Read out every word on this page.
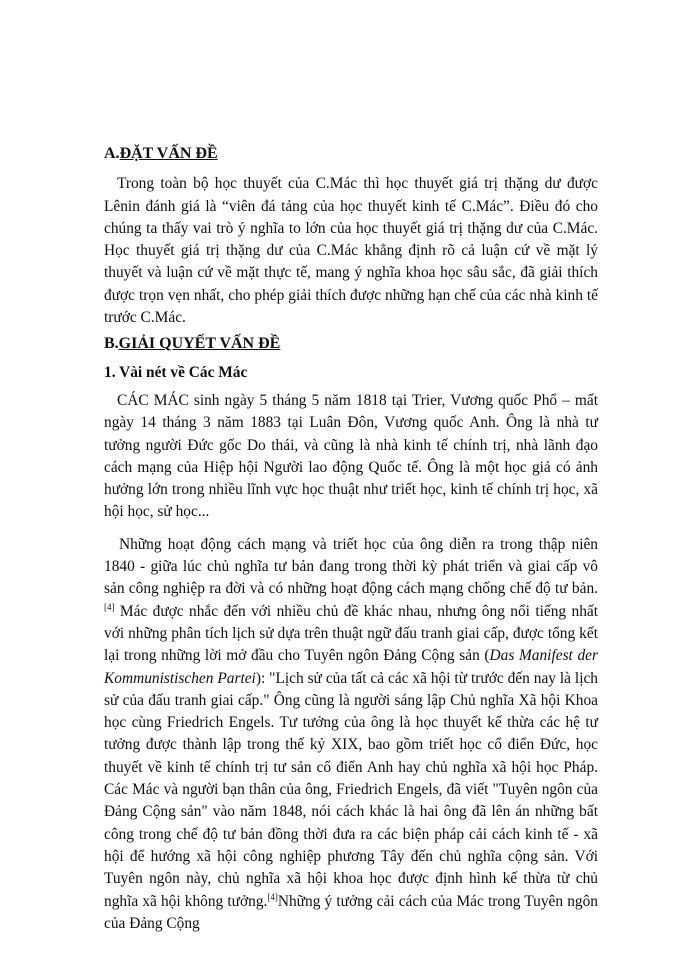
A.ĐẶT VẤN ĐỀ

Trong toàn bộ học thuyết của C.Mác thì học thuyết giá trị thặng dư được Lênin đánh giá là “viên đá tảng của học thuyết kinh tế C.Mác”. Điều đó cho chúng ta thấy vai trò ý nghĩa to lớn của học thuyết giá trị thặng dư của C.Mác. Học thuyết giá trị thặng dư của C.Mác khẳng định rõ cả luận cứ về mặt lý thuyết và luận cứ về mặt thực tế, mang ý nghĩa khoa học sâu sắc, đã giải thích được trọn vẹn nhất, cho phép giải thích được những hạn chế của các nhà kinh tế trước C.Mác.

B.GIẢI QUYẾT VẤN ĐỀ

1. Vài nét về Các Mác

CÁC MÁC sinh ngày 5 tháng 5 năm 1818 tại Trier, Vương quốc Phổ – mất ngày 14 tháng 3 năm 1883 tại Luân Đôn, Vương quốc Anh. Ông là nhà tư tưởng người Đức gốc Do thái, và cũng là nhà kinh tế chính trị, nhà lãnh đạo cách mạng của Hiệp hội Người lao động Quốc tế. Ông là một học giả có ảnh hưởng lớn trong nhiều lĩnh vực học thuật như triết học, kinh tế chính trị học, xã hội học, sử học...

Những hoạt động cách mạng và triết học của ông diễn ra trong thập niên 1840 - giữa lúc chủ nghĩa tư bản đang trong thời kỳ phát triển và giai cấp vô sản công nghiệp ra đời và có những hoạt động cách mạng chống chế độ tư bản.[4] Mác được nhắc đến với nhiều chủ đề khác nhau, nhưng ông nổi tiếng nhất với những phân tích lịch sử dựa trên thuật ngữ đấu tranh giai cấp, được tổng kết lại trong những lời mở đầu cho Tuyên ngôn Đảng Cộng sản (Das Manifest der Kommunistischen Partei): "Lịch sử của tất cả các xã hội từ trước đến nay là lịch sử của đấu tranh giai cấp." Ông cũng là người sáng lập Chủ nghĩa Xã hội Khoa học cùng Friedrich Engels. Tư tưởng của ông là học thuyết kế thừa các hệ tư tưởng được thành lập trong thế kỷ XIX, bao gồm triết học cổ điển Đức, học thuyết về kinh tế chính trị tư sản cổ điển Anh hay chủ nghĩa xã hội học Pháp. Các Mác và người bạn thân của ông, Friedrich Engels, đã viết "Tuyên ngôn của Đảng Cộng sản" vào năm 1848, nói cách khác là hai ông đã lên án những bất công trong chế độ tư bản đồng thời đưa ra các biện pháp cải cách kinh tế - xã hội để hướng xã hội công nghiệp phương Tây đến chủ nghĩa cộng sản. Với Tuyên ngôn này, chủ nghĩa xã hội khoa học được định hình kế thừa từ chủ nghĩa xã hội không tưởng.[4]Những ý tưởng cải cách của Mác trong Tuyên ngôn của Đảng Cộng
